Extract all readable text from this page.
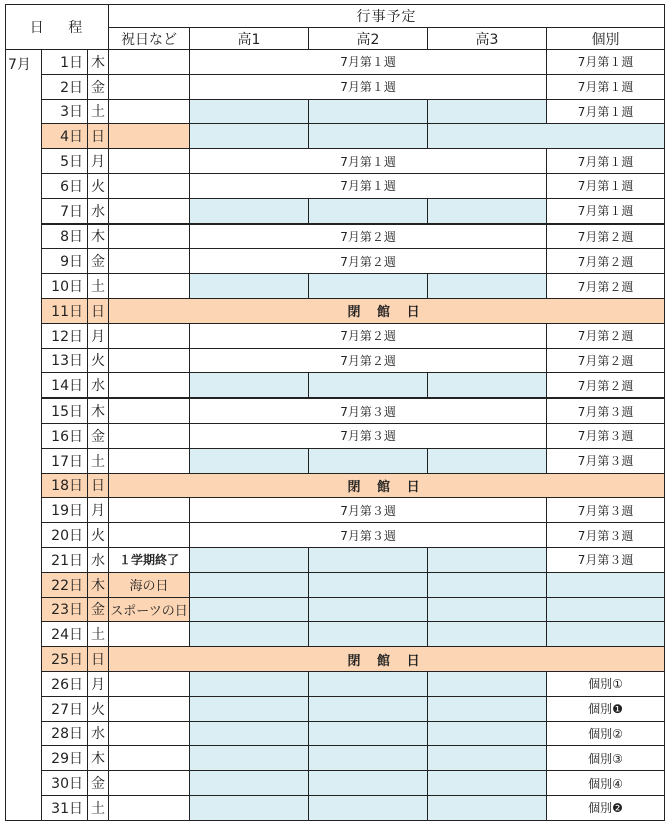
日 程			行事予定				
			祝日など	高1	高2	高3	個別
7月	1日	木		7月第１週			7月第１週
	2日	金		7月第１週			7月第１週
	3日	土					7月第１週
	4日	日					
	5日	月		7月第１週			7月第１週
	6日	火		7月第１週			7月第１週
	7日	水					7月第１週
	8日	木		7月第２週			7月第２週
	9日	金		7月第２週			7月第２週
	10日	土					7月第２週
	11日	日	閉 館 日				
	12日	月		7月第２週			7月第２週
	13日	火		7月第２週			7月第２週
	14日	水					7月第２週
	15日	木		7月第３週			7月第３週
	16日	金		7月第３週			7月第３週
	17日	土					7月第３週
	18日	日	閉 館 日				
	19日	月		7月第３週			7月第３週
	20日	火		7月第３週			7月第３週
	21日	水	１学期終了				7月第３週
	22日	木	海の日				
	23日	金	スポーツの日				
	24日	土					
	25日	日	閉 館 日				
	26日	月					個別①
	27日	火					個別❶
	28日	水					個別②
	29日	木					個別③
	30日	金					個別④
	31日	土					個別❷
